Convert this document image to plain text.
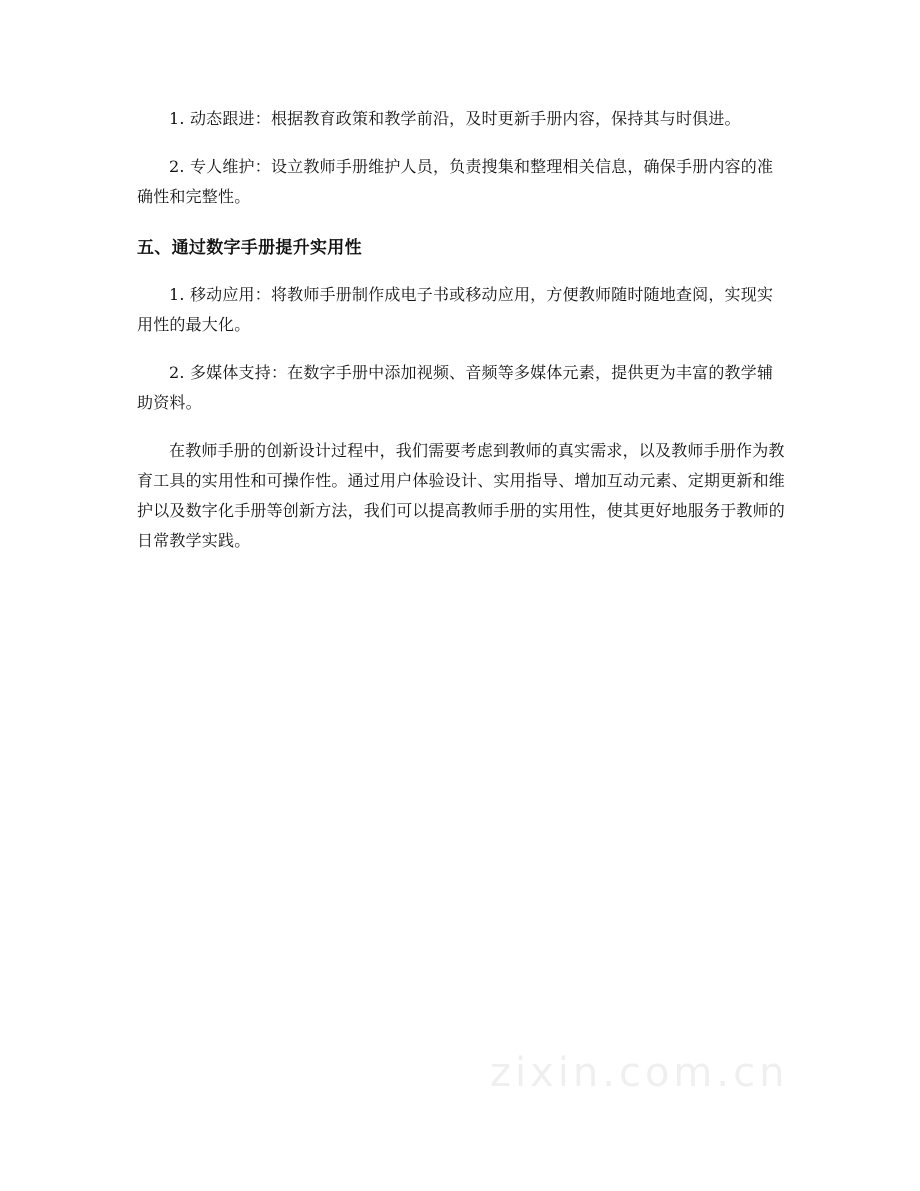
1. 动态跟进：根据教育政策和教学前沿，及时更新手册内容，保持其与时俱进。

2. 专人维护：设立教师手册维护人员，负责搜集和整理相关信息，确保手册内容的准确性和完整性。

五、通过数字手册提升实用性

1. 移动应用：将教师手册制作成电子书或移动应用，方便教师随时随地查阅，实现实用性的最大化。

2. 多媒体支持：在数字手册中添加视频、音频等多媒体元素，提供更为丰富的教学辅助资料。

在教师手册的创新设计过程中，我们需要考虑到教师的真实需求，以及教师手册作为教育工具的实用性和可操作性。通过用户体验设计、实用指导、增加互动元素、定期更新和维护以及数字化手册等创新方法，我们可以提高教师手册的实用性，使其更好地服务于教师的日常教学实践。

zixin.com.cn
